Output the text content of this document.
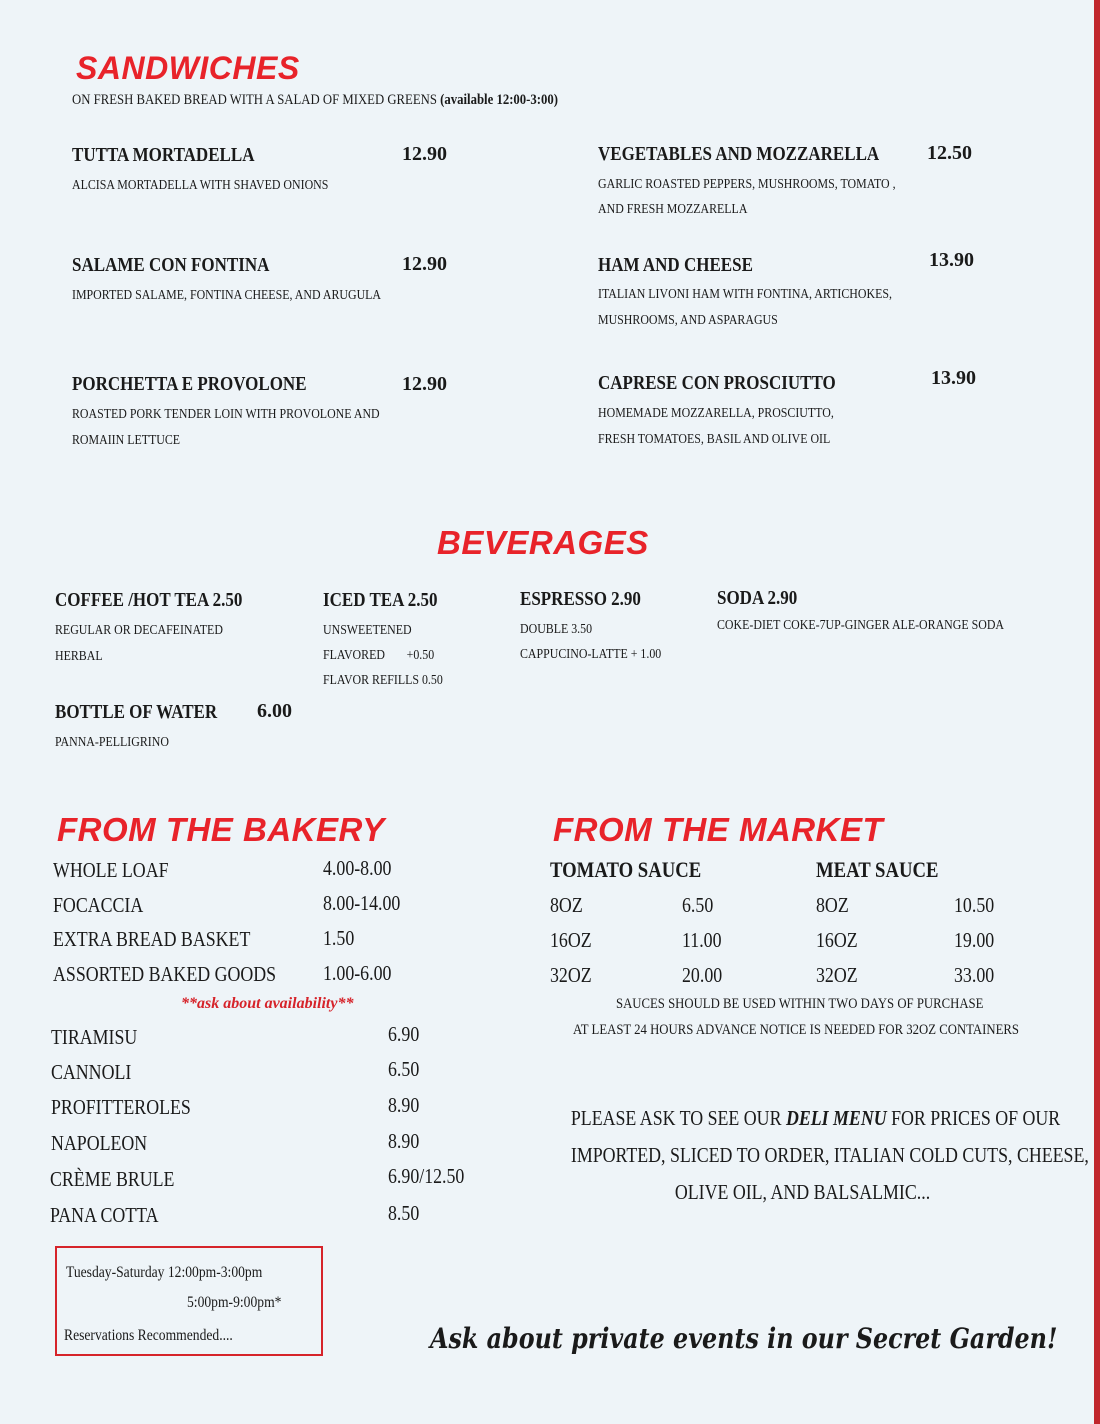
SANDWICHES
ON FRESH BAKED BREAD WITH A SALAD OF MIXED GREENS (available 12:00-3:00)
TUTTA MORTADELLA	12.90
ALCISA MORTADELLA WITH SHAVED ONIONS
SALAME CON FONTINA	12.90
IMPORTED SALAME, FONTINA CHEESE, AND ARUGULA
PORCHETTA E PROVOLONE	12.90
ROASTED PORK TENDER LOIN WITH PROVOLONE AND
ROMAIIN LETTUCE
VEGETABLES AND MOZZARELLA 12.50
GARLIC ROASTED PEPPERS, MUSHROOMS, TOMATO ,
AND FRESH MOZZARELLA
HAM AND CHEESE	13.90
ITALIAN LIVONI HAM WITH FONTINA, ARTICHOKES,
MUSHROOMS, AND ASPARAGUS
CAPRESE CON PROSCIUTTO	13.90
HOMEMADE MOZZARELLA, PROSCIUTTO,
FRESH TOMATOES, BASIL AND OLIVE OIL
BEVERAGES
COFFEE /HOT TEA 2.50
REGULAR OR DECAFEINATED
HERBAL
ICED TEA 2.50
UNSWEETENED
FLAVORED +0.50
FLAVOR REFILLS 0.50
ESPRESSO 2.90
DOUBLE 3.50
CAPPUCINO-LATTE + 1.00
SODA 2.90
COKE-DIET COKE-7UP-GINGER ALE-ORANGE SODA
BOTTLE OF WATER 6.00
PANNA-PELLIGRINO
FROM THE BAKERY
WHOLE LOAF	4.00-8.00
FOCACCIA	8.00-14.00
EXTRA BREAD BASKET	1.50
ASSORTED BAKED GOODS 1.00-6.00
**ask about availability**
TIRAMISU	6.90
CANNOLI	6.50
PROFITTEROLES	8.90
NAPOLEON	8.90
CRÈME BRULE	6.90/12.50
PANA COTTA	8.50
FROM THE MARKET
TOMATO SAUCE	MEAT SAUCE
8OZ	6.50	8OZ	10.50
16OZ	11.00	16OZ	19.00
32OZ	20.00	32OZ	33.00
SAUCES SHOULD BE USED WITHIN TWO DAYS OF PURCHASE
AT LEAST 24 HOURS ADVANCE NOTICE IS NEEDED FOR 32OZ CONTAINERS
PLEASE ASK TO SEE OUR DELI MENU FOR PRICES OF OUR
IMPORTED, SLICED TO ORDER, ITALIAN COLD CUTS, CHEESE,
OLIVE OIL, AND BALSALMIC...
Tuesday-Saturday 12:00pm-3:00pm
5:00pm-9:00pm*
Reservations Recommended....	Ask about private events in our Secret Garden!
